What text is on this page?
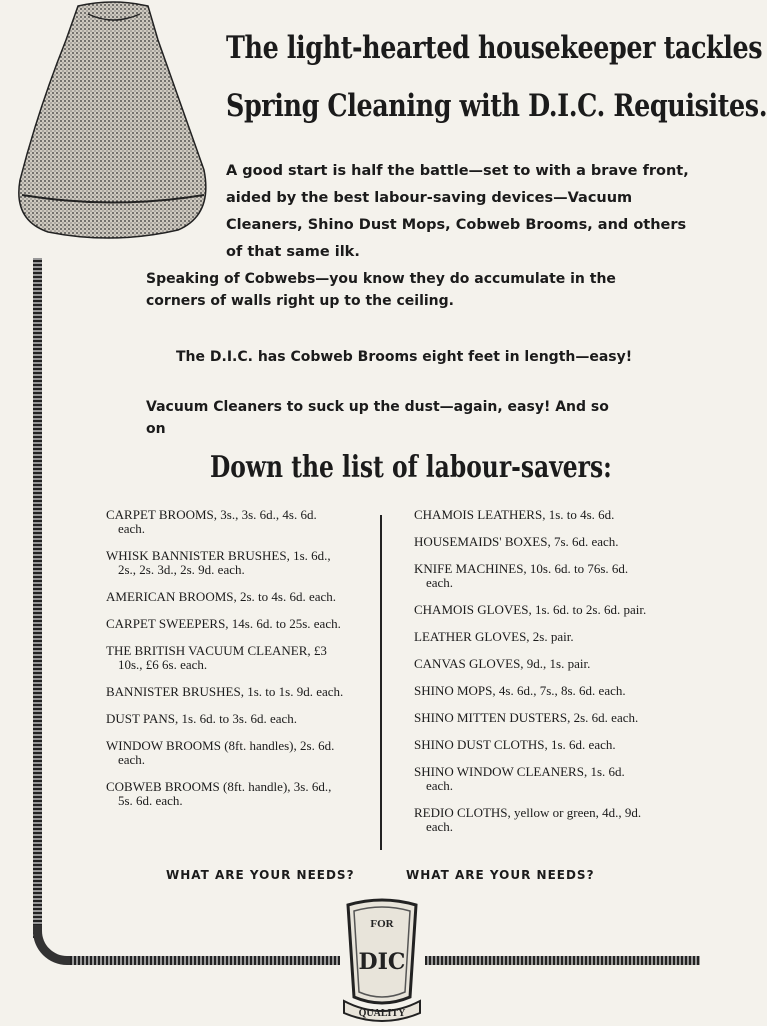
The light-hearted housekeeper tackles
Spring Cleaning with D.I.C. Requisites.
A good start is half the battle—set to with a brave front, aided by the best labour-saving devices—Vacuum Cleaners, Shino Dust Mops, Cobweb Brooms, and others of that same ilk.
Speaking of Cobwebs—you know they do accumulate in the corners of walls right up to the ceiling.
The D.I.C. has Cobweb Brooms eight feet in length—easy!
Vacuum Cleaners to suck up the dust—again, easy! And so on
Down the list of labour-savers:
CARPET BROOMS, 3s., 3s. 6d., 4s. 6d. each.
WHISK BANNISTER BRUSHES, 1s. 6d., 2s., 2s. 3d., 2s. 9d. each.
AMERICAN BROOMS, 2s. to 4s. 6d. each.
CARPET SWEEPERS, 14s. 6d. to 25s. each.
THE BRITISH VACUUM CLEANER, £3 10s., £6 6s. each.
BANNISTER BRUSHES, 1s. to 1s. 9d. each.
DUST PANS, 1s. 6d. to 3s. 6d. each.
WINDOW BROOMS (8ft. handles), 2s. 6d. each.
COBWEB BROOMS (8ft. handle), 3s. 6d., 5s. 6d. each.
CHAMOIS LEATHERS, 1s. to 4s. 6d.
HOUSEMAIDS' BOXES, 7s. 6d. each.
KNIFE MACHINES, 10s. 6d. to 76s. 6d. each.
CHAMOIS GLOVES, 1s. 6d. to 2s. 6d. pair.
LEATHER GLOVES, 2s. pair.
CANVAS GLOVES, 9d., 1s. pair.
SHINO MOPS, 4s. 6d., 7s., 8s. 6d. each.
SHINO MITTEN DUSTERS, 2s. 6d. each.
SHINO DUST CLOTHS, 1s. 6d. each.
SHINO WINDOW CLEANERS, 1s. 6d. each.
REDIO CLOTHS, yellow or green, 4d., 9d. each.
WHAT ARE YOUR NEEDS?	WHAT ARE YOUR NEEDS?
FOR
DIC
QUALITY
